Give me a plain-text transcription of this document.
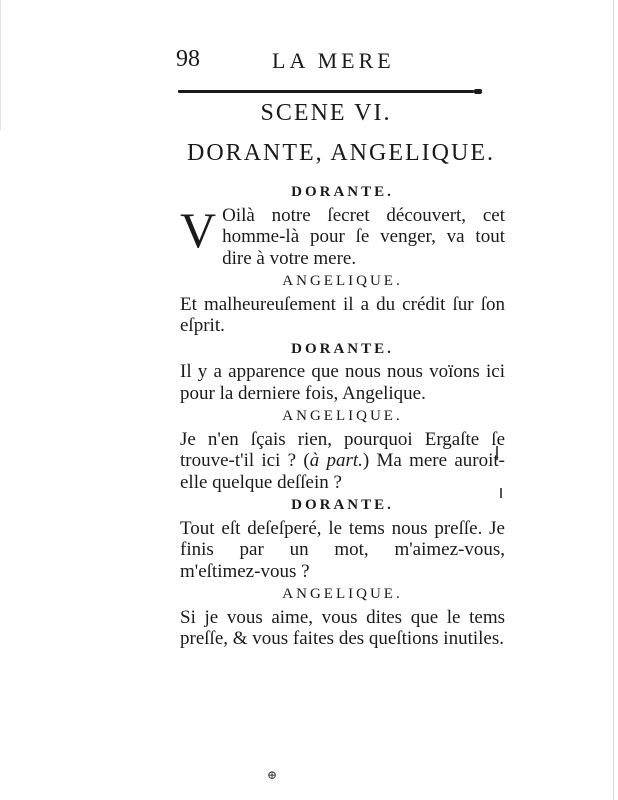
98	LA MERE
SCENE VI.
DORANTE, ANGELIQUE.
DORANTE.

V Oilà notre ſecret découvert, cet homme-là pour ſe venger, va tout dire à votre mere.

ANGELIQUE.

Et malheureuſement il a du crédit ſur ſon eſprit.

DORANTE.

Il y a apparence que nous nous voïons ici pour la derniere fois, Angelique.

ANGELIQUE.

Je n'en ſçais rien, pourquoi Ergaſte ſe trouve-t'il ici ? (à part.) Ma mere auroit-elle quelque deſſein ?

DORANTE.

Tout eſt deſeſperé, le tems nous preſſe. Je finis par un mot, m'aimez-vous, m'eſtimez-vous ?

ANGELIQUE.

Si je vous aime, vous dites que le tems preſſe, & vous faites des queſtions inutiles.

⊕
